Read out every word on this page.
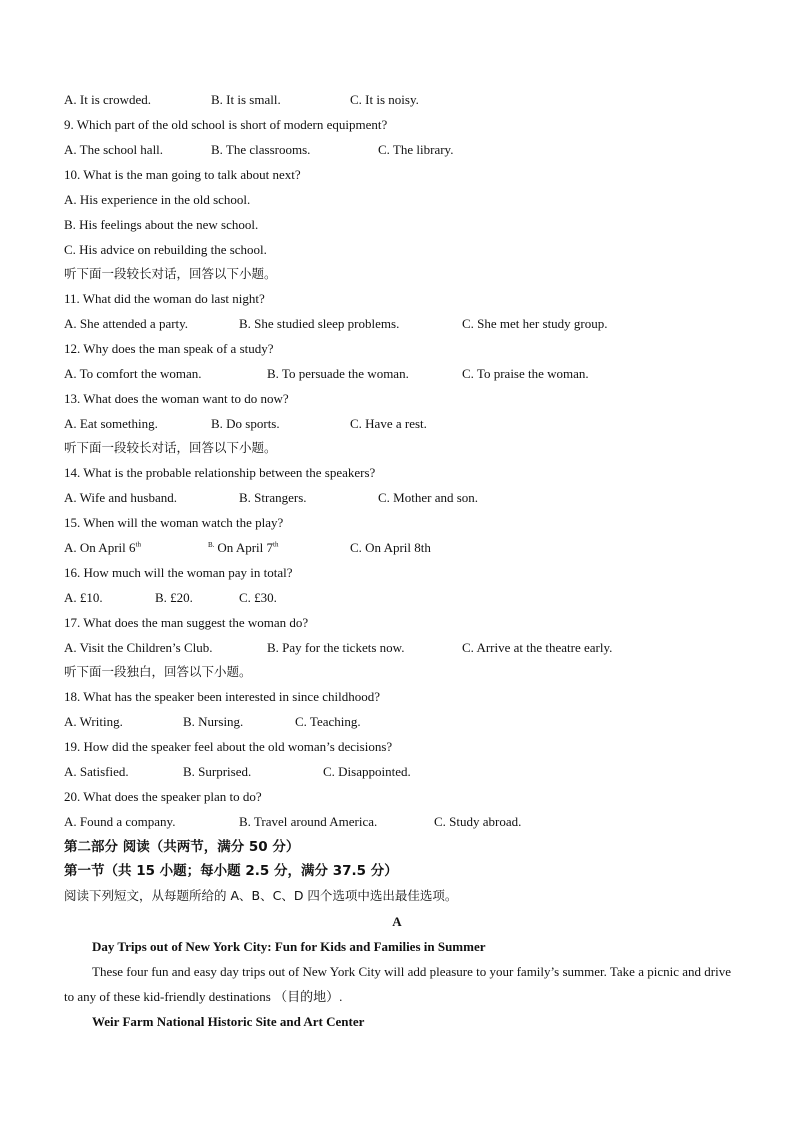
A. It is crowded.	B. It is small.	C. It is noisy.
9. Which part of the old school is short of modern equipment?
A. The school hall.	B. The classrooms.	C. The library.
10. What is the man going to talk about next?
A. His experience in the old school.
B. His feelings about the new school.
C. His advice on rebuilding the school.
听下面一段较长对话，回答以下小题。
11. What did the woman do last night?
A. She attended a party.	B. She studied sleep problems.	C. She met her study group.
12. Why does the man speak of a study?
A. To comfort the woman.	B. To persuade the woman.	C. To praise the woman.
13. What does the woman want to do now?
A. Eat something.	B. Do sports.	C. Have a rest.
听下面一段较长对话，回答以下小题。
14. What is the probable relationship between the speakers?
A. Wife and husband.	B. Strangers.	C. Mother and son.
15. When will the woman watch the play?
A. On April 6th	$^{B.}$ On April 7th	C. On April 8th
16. How much will the woman pay in total?
A. £10.	B. £20.	C. £30.
17. What does the man suggest the woman do?
A. Visit the Children’s Club.	B. Pay for the tickets now.	C. Arrive at the theatre early.
听下面一段独白，回答以下小题。
18. What has the speaker been interested in since childhood?
A. Writing.	B. Nursing.	C. Teaching.
19. How did the speaker feel about the old woman’s decisions?
A. Satisfied.	B. Surprised.	C. Disappointed.
20. What does the speaker plan to do?
A. Found a company.	B. Travel around America.	C. Study abroad.
第二部分 阅读（共两节，满分 50 分）
第一节（共 15 小题；每小题 2.5 分，满分 37.5 分）
阅读下列短文，从每题所给的 A、B、C、D 四个选项中选出最佳选项。
A
Day Trips out of New York City: Fun for Kids and Families in Summer
These four fun and easy day trips out of New York City will add pleasure to your family’s summer. Take a picnic and drive to any of these kid-friendly destinations （目的地）.
Weir Farm National Historic Site and Art Center
